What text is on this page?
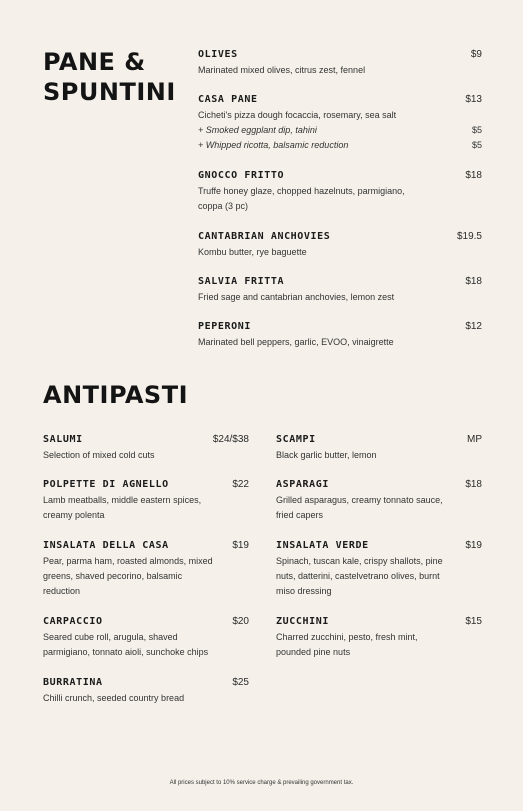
PANE & SPUNTINI
OLIVES	$9
Marinated mixed olives, citrus zest, fennel
CASA PANE	$13
Cicheti's pizza dough focaccia, rosemary, sea salt
+ Smoked eggplant dip, tahini	$5
+ Whipped ricotta, balsamic reduction	$5
GNOCCO FRITTO	$18
Truffe honey glaze, chopped hazelnuts, parmigiano, coppa (3 pc)
CANTABRIAN ANCHOVIES	$19.5
Kombu butter, rye baguette
SALVIA FRITTA	$18
Fried sage and cantabrian anchovies, lemon zest
PEPERONI	$12
Marinated bell peppers, garlic, EVOO, vinaigrette
ANTIPASTI
SALUMI	$24/$38
Selection of mixed cold cuts
POLPETTE DI AGNELLO	$22
Lamb meatballs, middle eastern spices, creamy polenta
INSALATA DELLA CASA	$19
Pear, parma ham, roasted almonds, mixed greens, shaved pecorino, balsamic reduction
CARPACCIO	$20
Seared cube roll, arugula, shaved parmigiano, tonnato aioli, sunchoke chips
BURRATINA	$25
Chilli crunch, seeded country bread
SCAMPI	MP
Black garlic butter, lemon
ASPARAGI	$18
Grilled asparagus, creamy tonnato sauce, fried capers
INSALATA VERDE	$19
Spinach, tuscan kale, crispy shallots, pine nuts, datterini, castelvetrano olives, burnt miso dressing
ZUCCHINI	$15
Charred zucchini, pesto, fresh mint, pounded pine nuts
All prices subject to 10% service charge & prevailing government tax.
